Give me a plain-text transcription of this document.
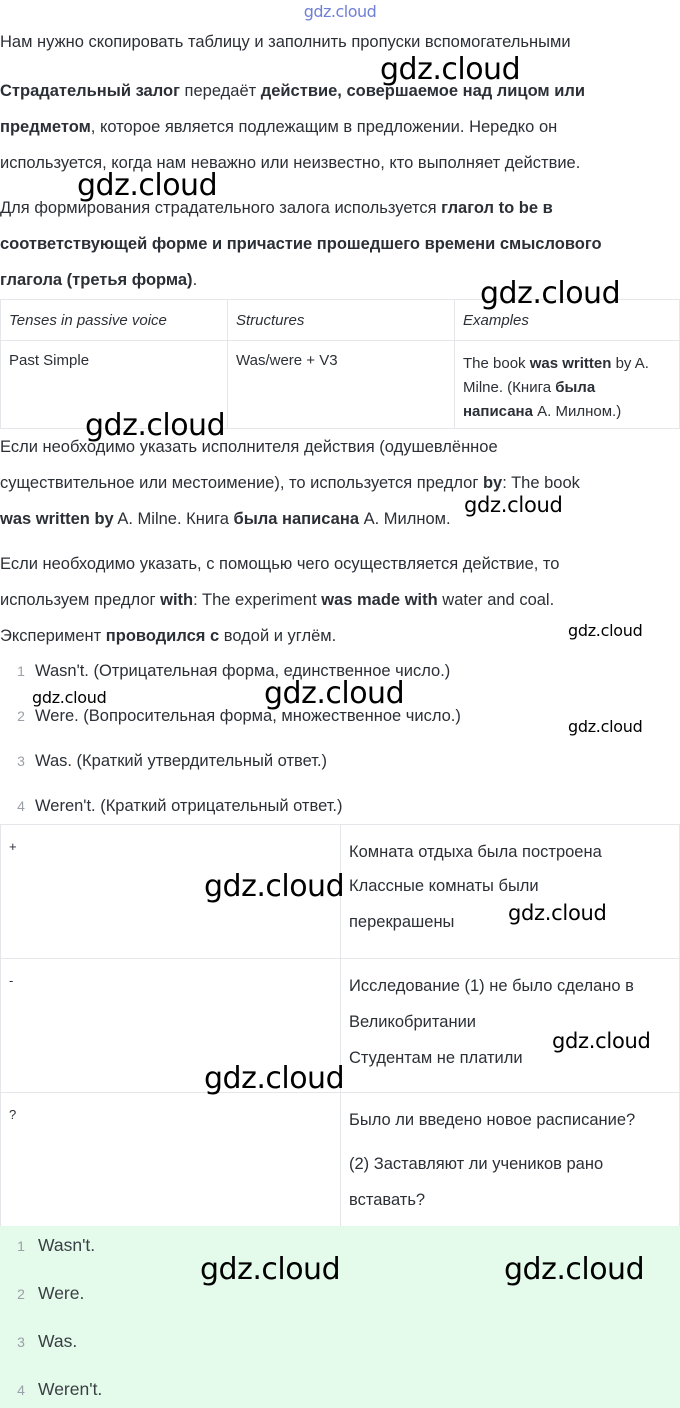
gdz.cloud
Нам нужно скопировать таблицу и заполнить пропуски вспомогательными
Страдательный залог передаёт действие, совершаемое над лицом или
предметом, которое является подлежащим в предложении. Нередко он
используется, когда нам неважно или неизвестно, кто выполняет действие.
Для формирования страдательного залога используется глагол to be в
соответствующей форме и причастие прошедшего времени смыслового
глагола (третья форма).
Tenses in passive voice	Structures	Examples
Past Simple	Was/were + V3	The book was written by A.
Milne. (Книга была
написана А. Милном.)
Если необходимо указать исполнителя действия (одушевлённое
существительное или местоимение), то используется предлог by: The book
was written by A. Milne. Книга была написана А. Милном.
Если необходимо указать, с помощью чего осуществляется действие, то
используем предлог with: The experiment was made with water and coal.
Эксперимент проводился с водой и углём.
1 Wasn't. (Отрицательная форма, единственное число.)
2 Were. (Вопросительная форма, множественное число.)
3 Was. (Краткий утвердительный ответ.)
4 Weren't. (Краткий отрицательный ответ.)
+	Комната отдыха была построена
Классные комнаты были
перекрашены

-	Исследование (1) не было сделано в
Великобритании
Студентам не платили

?	Было ли введено новое расписание?
(2) Заставляют ли учеников рано
вставать?
1 Wasn't.
2 Were.
3 Was.
4 Weren't.
gdz.cloud
gdz.cloud
gdz.cloud
gdz.cloud
gdz.cloud
gdz.cloud
gdz.cloud	gdz.cloud
gdz.cloud
gdz.cloud
gdz.cloud
gdz.cloud
gdz.cloud
gdz.cloud	gdz.cloud
